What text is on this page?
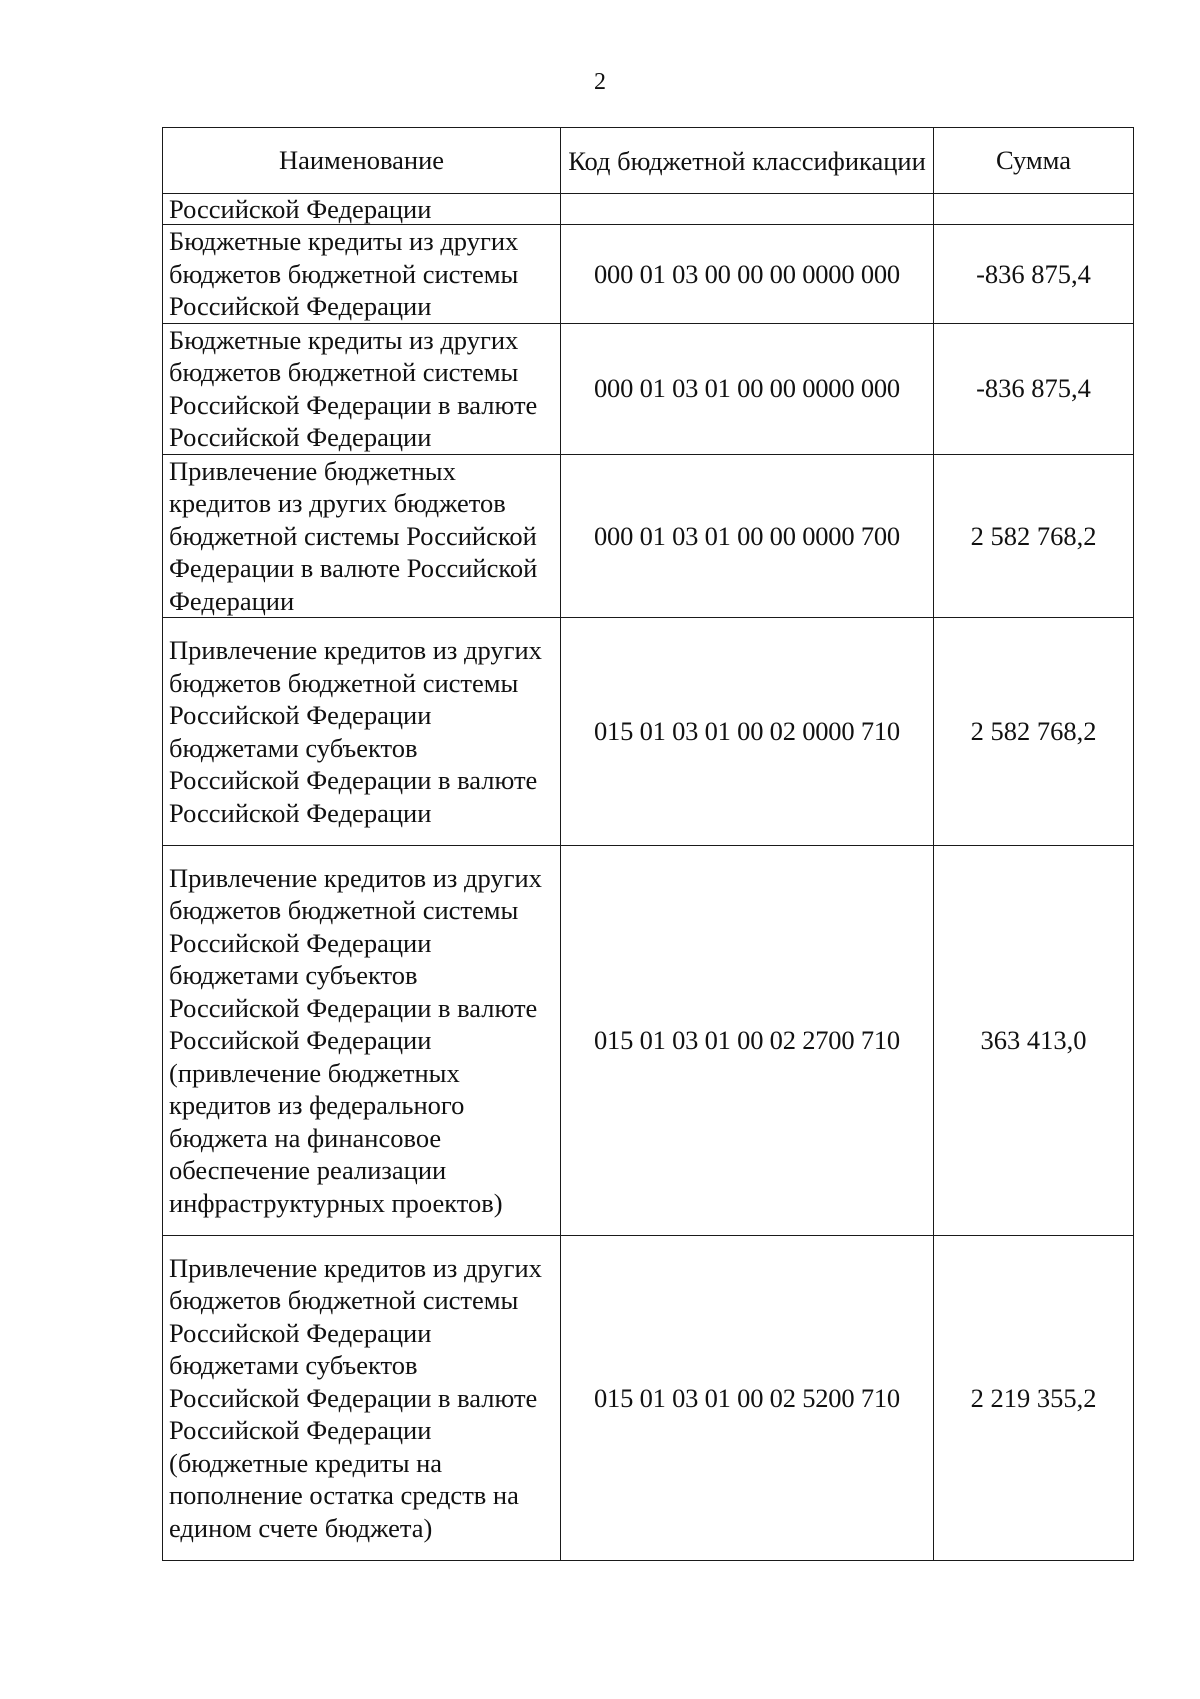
2
Наименование	Код бюджетной классификации	Сумма
Российской Федерации		
Бюджетные кредиты из других бюджетов бюджетной системы Российской Федерации	000 01 03 00 00 00 0000 000	-836 875,4
Бюджетные кредиты из других бюджетов бюджетной системы Российской Федерации в валюте Российской Федерации	000 01 03 01 00 00 0000 000	-836 875,4
Привлечение бюджетных кредитов из других бюджетов бюджетной системы Российской Федерации в валюте Российской Федерации	000 01 03 01 00 00 0000 700	2 582 768,2
Привлечение кредитов из других бюджетов бюджетной системы Российской Федерации бюджетами субъектов Российской Федерации в валюте Российской Федерации	015 01 03 01 00 02 0000 710	2 582 768,2
Привлечение кредитов из других бюджетов бюджетной системы Российской Федерации бюджетами субъектов Российской Федерации в валюте Российской Федерации (привлечение бюджетных кредитов из федерального бюджета на финансовое обеспечение реализации инфраструктурных проектов)	015 01 03 01 00 02 2700 710	363 413,0
Привлечение кредитов из других бюджетов бюджетной системы Российской Федерации бюджетами субъектов Российской Федерации в валюте Российской Федерации (бюджетные кредиты на пополнение остатка средств на едином счете бюджета)	015 01 03 01 00 02 5200 710	2 219 355,2
